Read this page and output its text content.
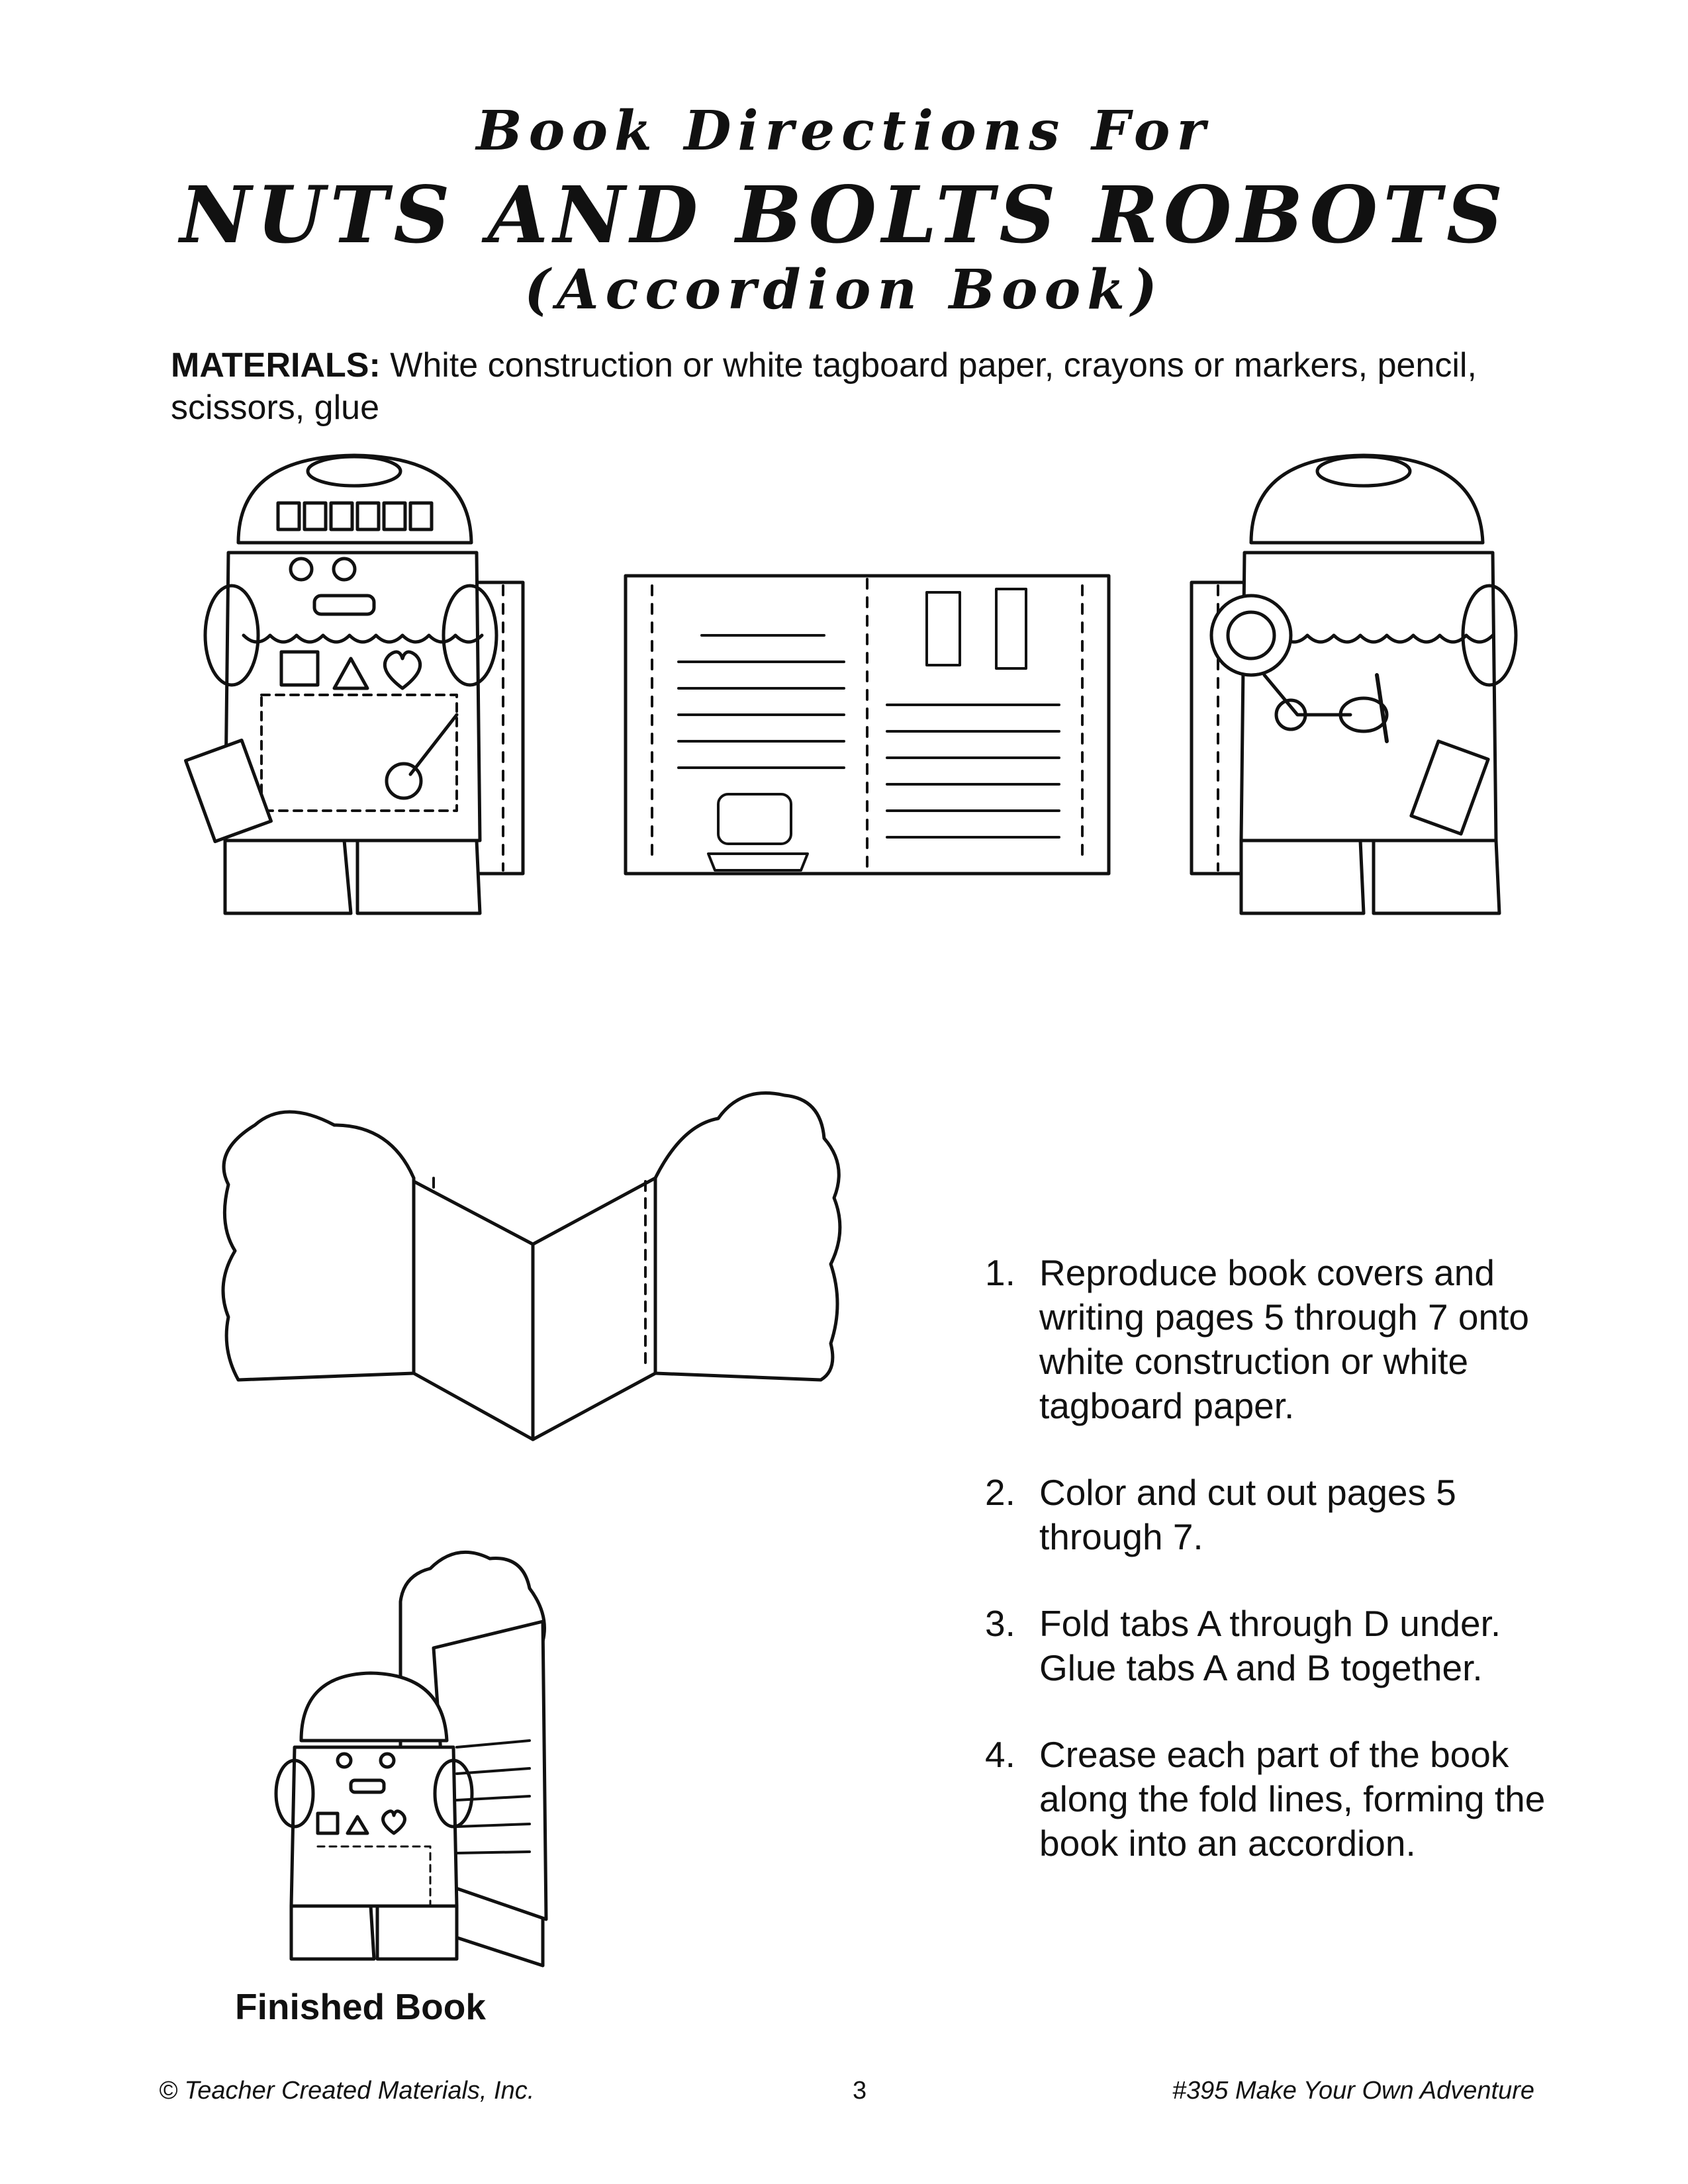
Book Directions For
NUTS AND BOLTS ROBOTS
(Accordion Book)
MATERIALS: White construction or white tagboard paper, crayons or markers, pencil, scissors, glue
1. Reproduce book covers and writing pages 5 through 7 onto white construction or white tagboard paper.
2. Color and cut out pages 5 through 7.
3. Fold tabs A through D under. Glue tabs A and B together.
4. Crease each part of the book along the fold lines, forming the book into an accordion.
Finished Book
© Teacher Created Materials, Inc.	3	#395 Make Your Own Adventure
